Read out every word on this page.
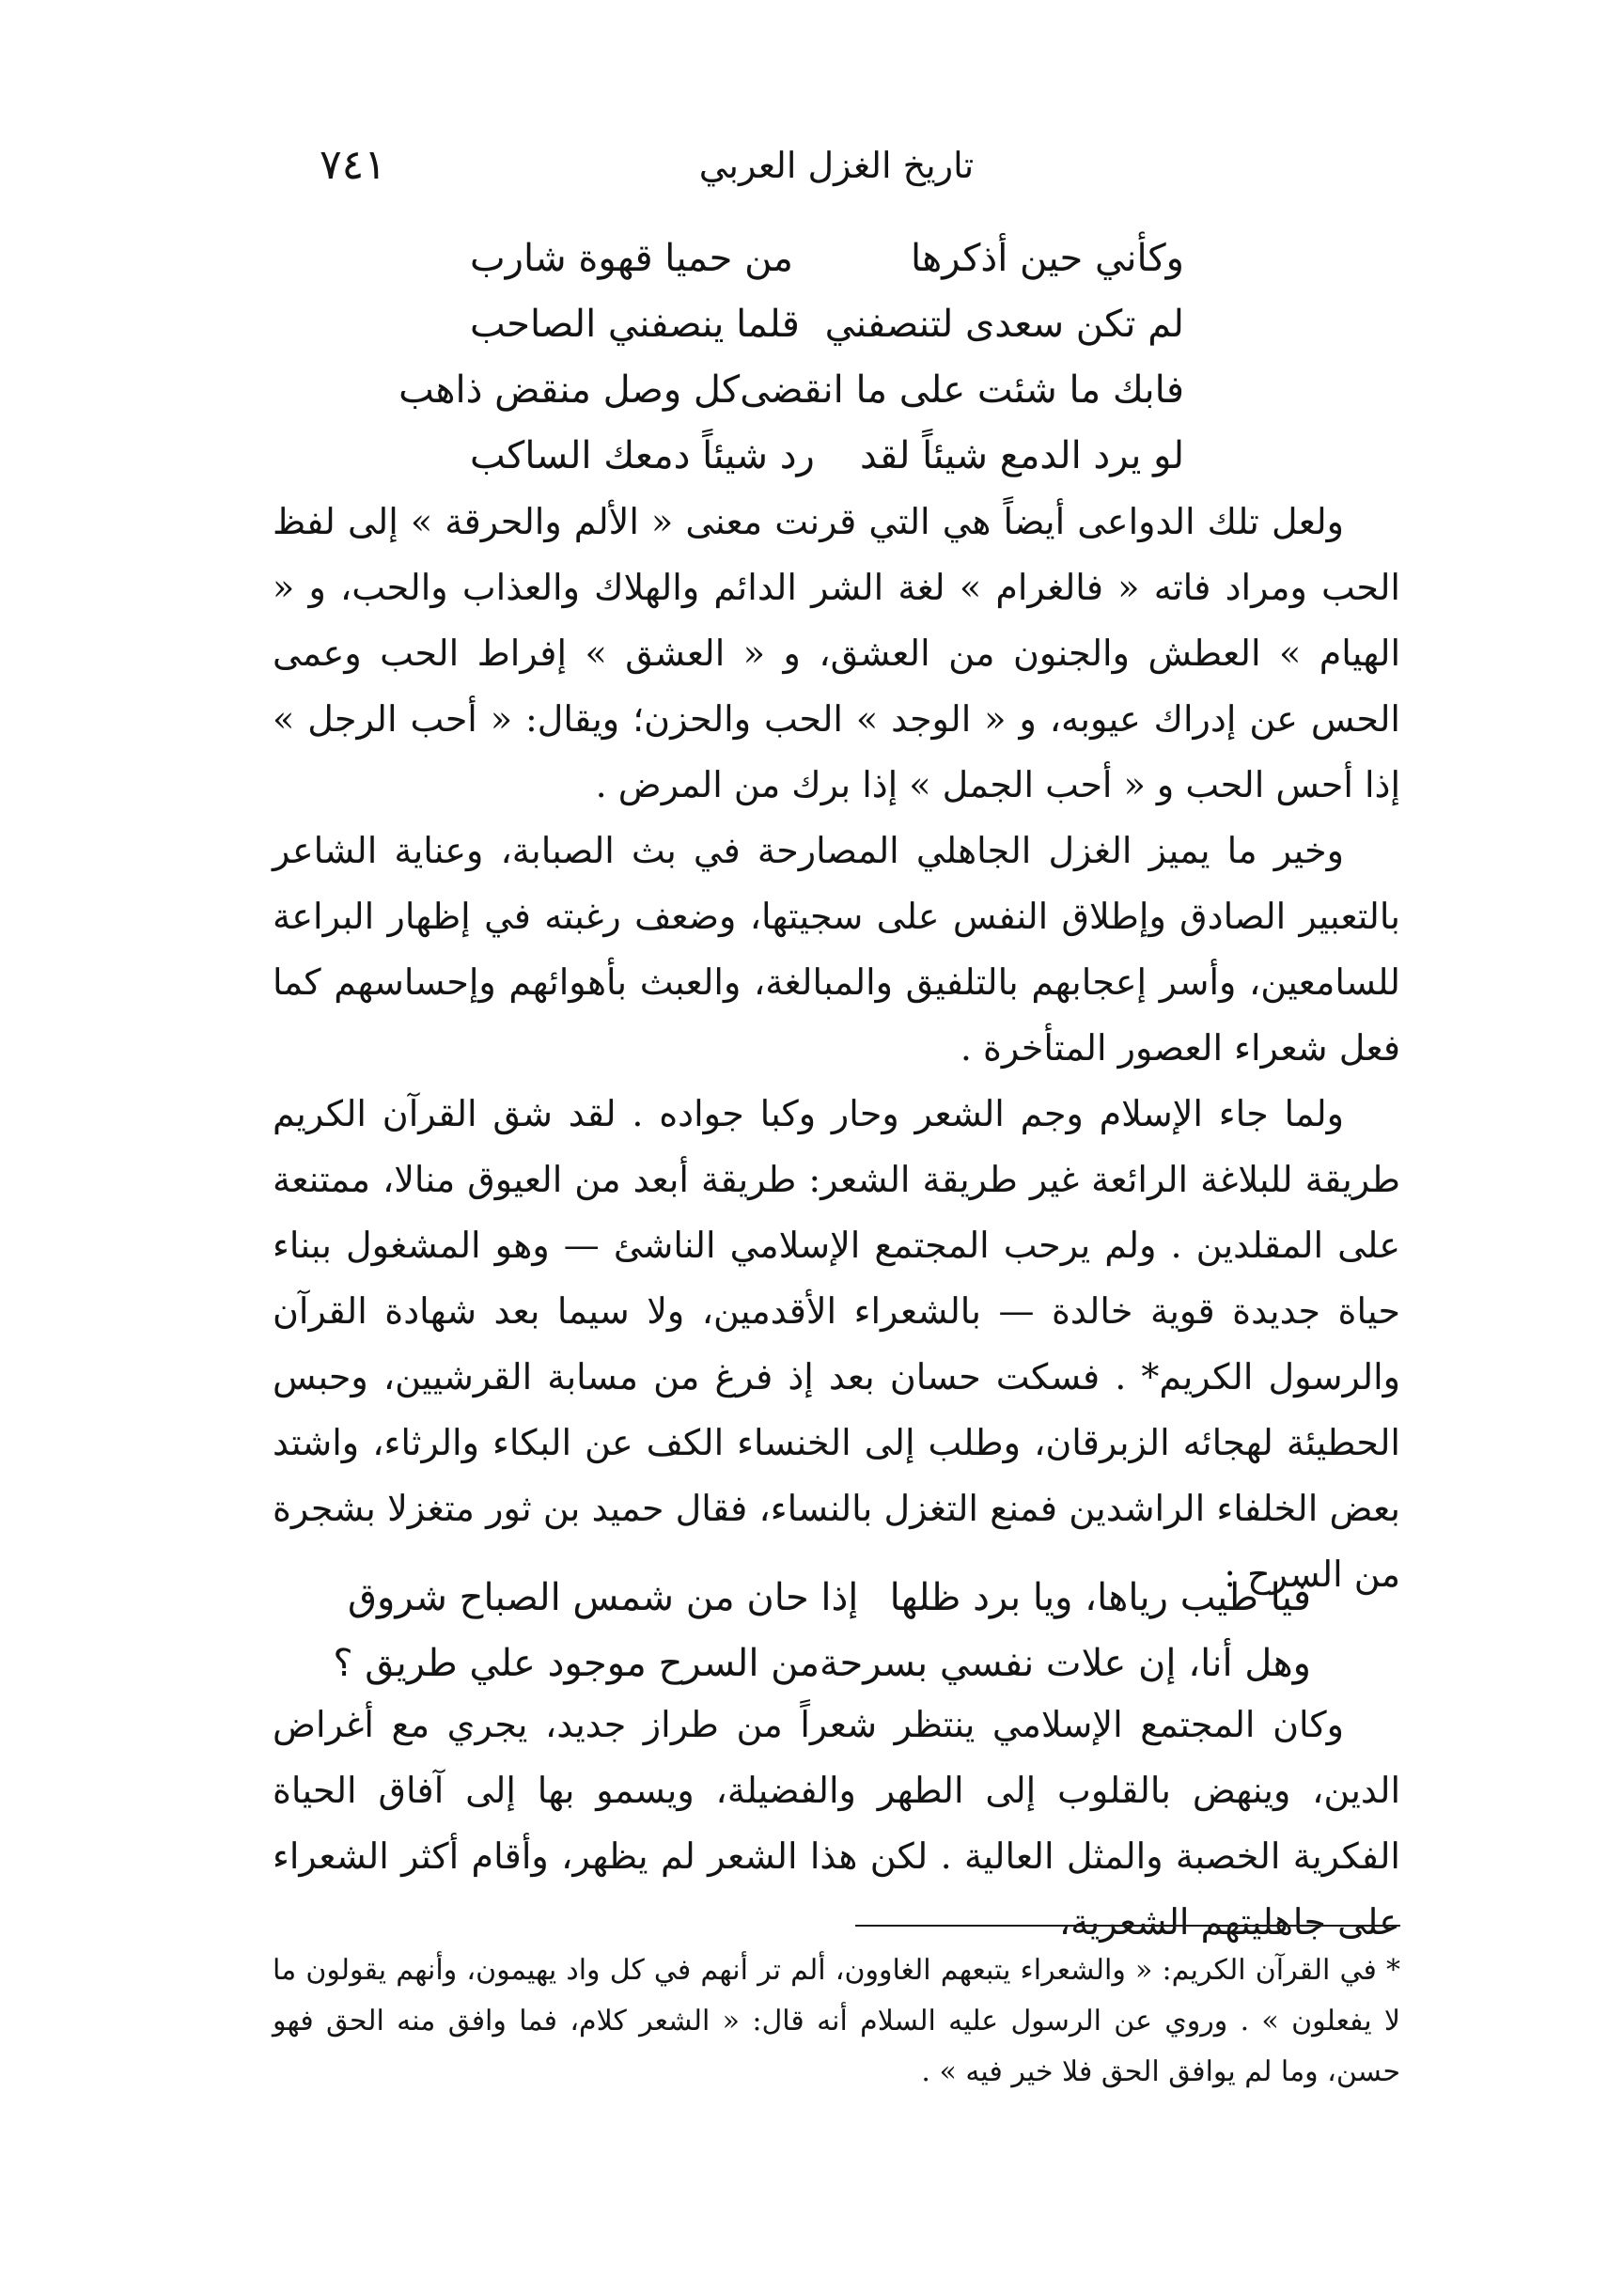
٧٤١	تاريخ الغزل العربي
وكأني حين أذكرها
من حميا قهوة شارب
لم تكن سعدى لتنصفني
قلما ينصفني الصاحب
فابك ما شئت على ما انقضى
كل وصل منقض ذاهب
لو يرد الدمع شيئاً لقد
رد شيئاً دمعك الساكب

ولعل تلك الدواعى أيضاً هي التي قرنت معنى « الألم والحرقة » إلى لفظ الحب ومراد فاته « فالغرام » لغة الشر الدائم والهلاك والعذاب والحب، و « الهيام » العطش والجنون من العشق، و « العشق » إفراط الحب وعمى الحس عن إدراك عيوبه، و « الوجد » الحب والحزن؛ ويقال: « أحب الرجل » إذا أحس الحب و « أحب الجمل » إذا برك من المرض .

وخير ما يميز الغزل الجاهلي المصارحة في بث الصبابة، وعناية الشاعر بالتعبير الصادق وإطلاق النفس على سجيتها، وضعف رغبته في إظهار البراعة للسامعين، وأسر إعجابهم بالتلفيق والمبالغة، والعبث بأهوائهم وإحساسهم كما فعل شعراء العصور المتأخرة .

ولما جاء الإسلام وجم الشعر وحار وكبا جواده . لقد شق القرآن الكريم طريقة للبلاغة الرائعة غير طريقة الشعر: طريقة أبعد من العيوق منالا، ممتنعة على المقلدين . ولم يرحب المجتمع الإسلامي الناشئ — وهو المشغول ببناء حياة جديدة قوية خالدة — بالشعراء الأقدمين، ولا سيما بعد شهادة القرآن والرسول الكريم* . فسكت حسان بعد إذ فرغ من مسابة القرشيين، وحبس الحطيئة لهجائه الزبرقان، وطلب إلى الخنساء الكف عن البكاء والرثاء، واشتد بعض الخلفاء الراشدين فمنع التغزل بالنساء، فقال حميد بن ثور متغزلا بشجرة من السرح :

فيا طيب رياها، ويا برد ظلها
إذا حان من شمس الصباح شروق
وهل أنا، إن علات نفسي بسرحة
من السرح موجود علي طريق ؟

وكان المجتمع الإسلامي ينتظر شعراً من طراز جديد، يجري مع أغراض الدين، وينهض بالقلوب إلى الطهر والفضيلة، ويسمو بها إلى آفاق الحياة الفكرية الخصبة والمثل العالية . لكن هذا الشعر لم يظهر، وأقام أكثر الشعراء على جاهليتهم الشعرية،

* في القرآن الكريم: « والشعراء يتبعهم الغاوون، ألم تر أنهم في كل واد يهيمون، وأنهم يقولون ما لا يفعلون » . وروي عن الرسول عليه السلام أنه قال: « الشعر كلام، فما وافق منه الحق فهو حسن، وما لم يوافق الحق فلا خير فيه » .
